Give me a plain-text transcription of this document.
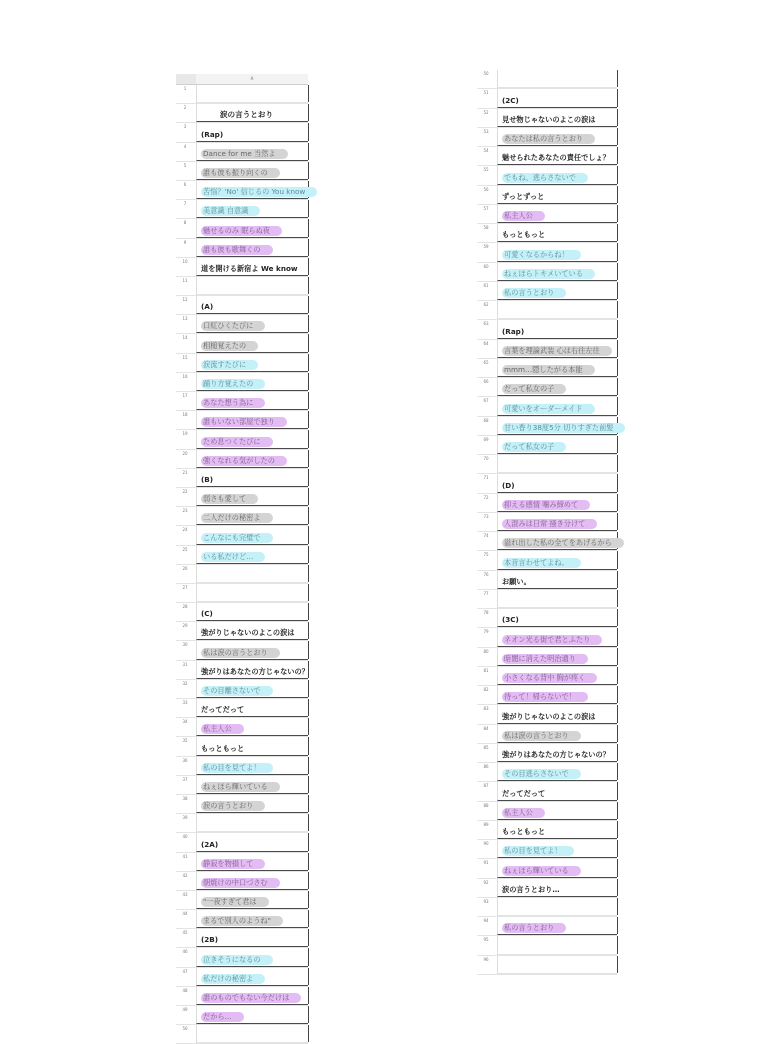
A
1
2
涙の言うとおり
3
(Rap)
4
Dance for me 当然よ
5
誰も彼も振り向くの
6
苦悩？'No' 信じるの You know
7
美意識 自意識
8
魅せるのみ 眠らぬ夜
9
誰も彼も歌舞くの
10
道を開ける新宿よ We know
11
12
(A)
13
口紅ひくたびに
14
相槌覚えたの
15
涙流すたびに
16
踊り方覚えたの
17
あなた想う為に
18
誰もいない部屋で独り
19
ため息つくたびに
20
強くなれる気がしたの
21
(B)
22
弱さも愛して
23
二人だけの秘密よ
24
こんなにも完璧で
25
いる私だけど…
26
27
28
(C)
29
強がりじゃないのよこの涙は
30
私は涙の言うとおり
31
強がりはあなたの方じゃないの？
32
その目離さないで
33
だってだって
34
私主人公
35
もっともっと
36
私の目を見てよ！
37
ねぇほら輝いている
38
涙の言うとおり
39
40
(2A)
41
静寂を物損して
42
朝焼けの中口づさむ
43
"一夜すぎて君は
44
まるで別人のようね"
45
(2B)
46
泣きそうになるの
47
私だけの秘密よ
48
誰のものでもない今だけは
49
だから…
50
50
51
(2C)
52
見せ物じゃないのよこの涙は
53
あなたは私の言うとおり
54
魅せられたあなたの責任でしょ？
55
でもね、逃らさないで
56
ずっとずっと
57
私主人公
58
もっともっと
59
可愛くなるからね！
60
ねぇほらトキメいている
61
私の言うとおり
62
63
(Rap)
64
言葉を理論武装 心は右往左往
65
mmm…隠したがる本能
66
だって私女の子
67
可愛いをオーダーメイド
68
甘い香り38度5分 切りすぎた前髪
69
だって私女の子
70
71
(D)
72
抑える感情 噛み締めて
73
人混みは日常 掻き分けて
74
溢れ出した私の全てをあげるから
75
本音言わせてよね。
76
お願い。
77
78
(3C)
79
ネオン光る街で君とふたり
80
暗闇に消えた明治通り
81
小さくなる背中 胸が疼く
82
待って！帰らないで！
83
強がりじゃないのよこの涙は
84
私は涙の言うとおり
85
強がりはあなたの方じゃないの？
86
その目逃らさないで
87
だってだって
88
私主人公
89
もっともっと
90
私の目を見てよ！
91
ねぇほら輝いている
92
涙の言うとおり…
93
94
私の言うとおり
95
96
